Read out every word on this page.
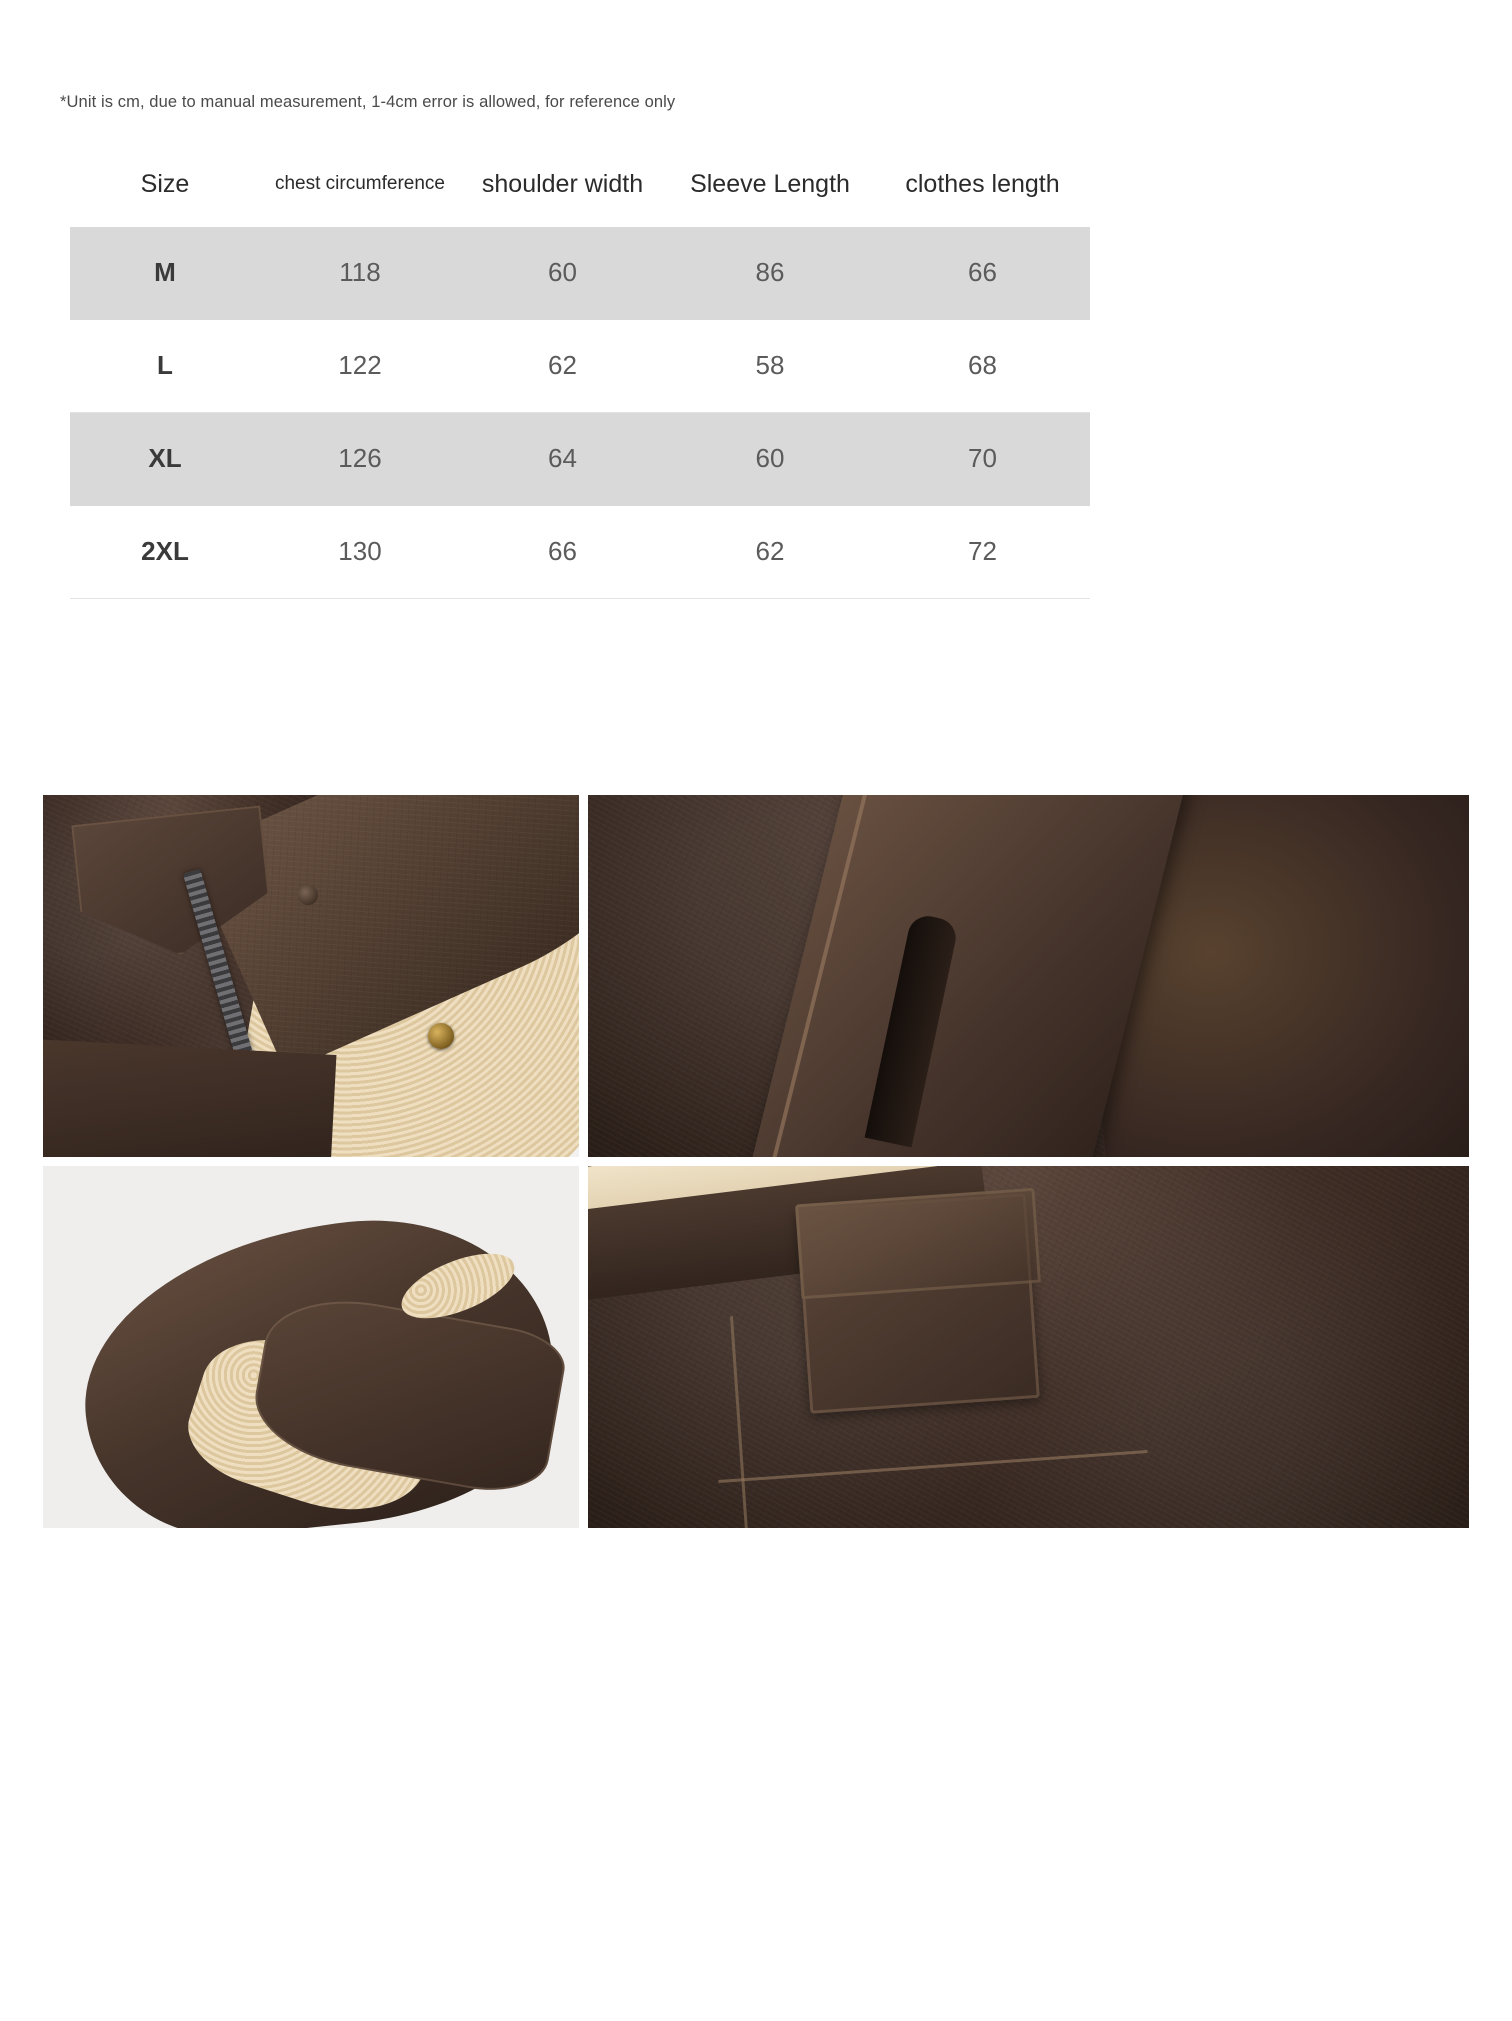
*Unit is cm, due to manual measurement, 1-4cm error is allowed, for reference only
Size	chest circumference	shoulder width	Sleeve Length	clothes length
M	118	60	86	66
L	122	62	58	68
XL	126	64	60	70
2XL	130	66	62	72
